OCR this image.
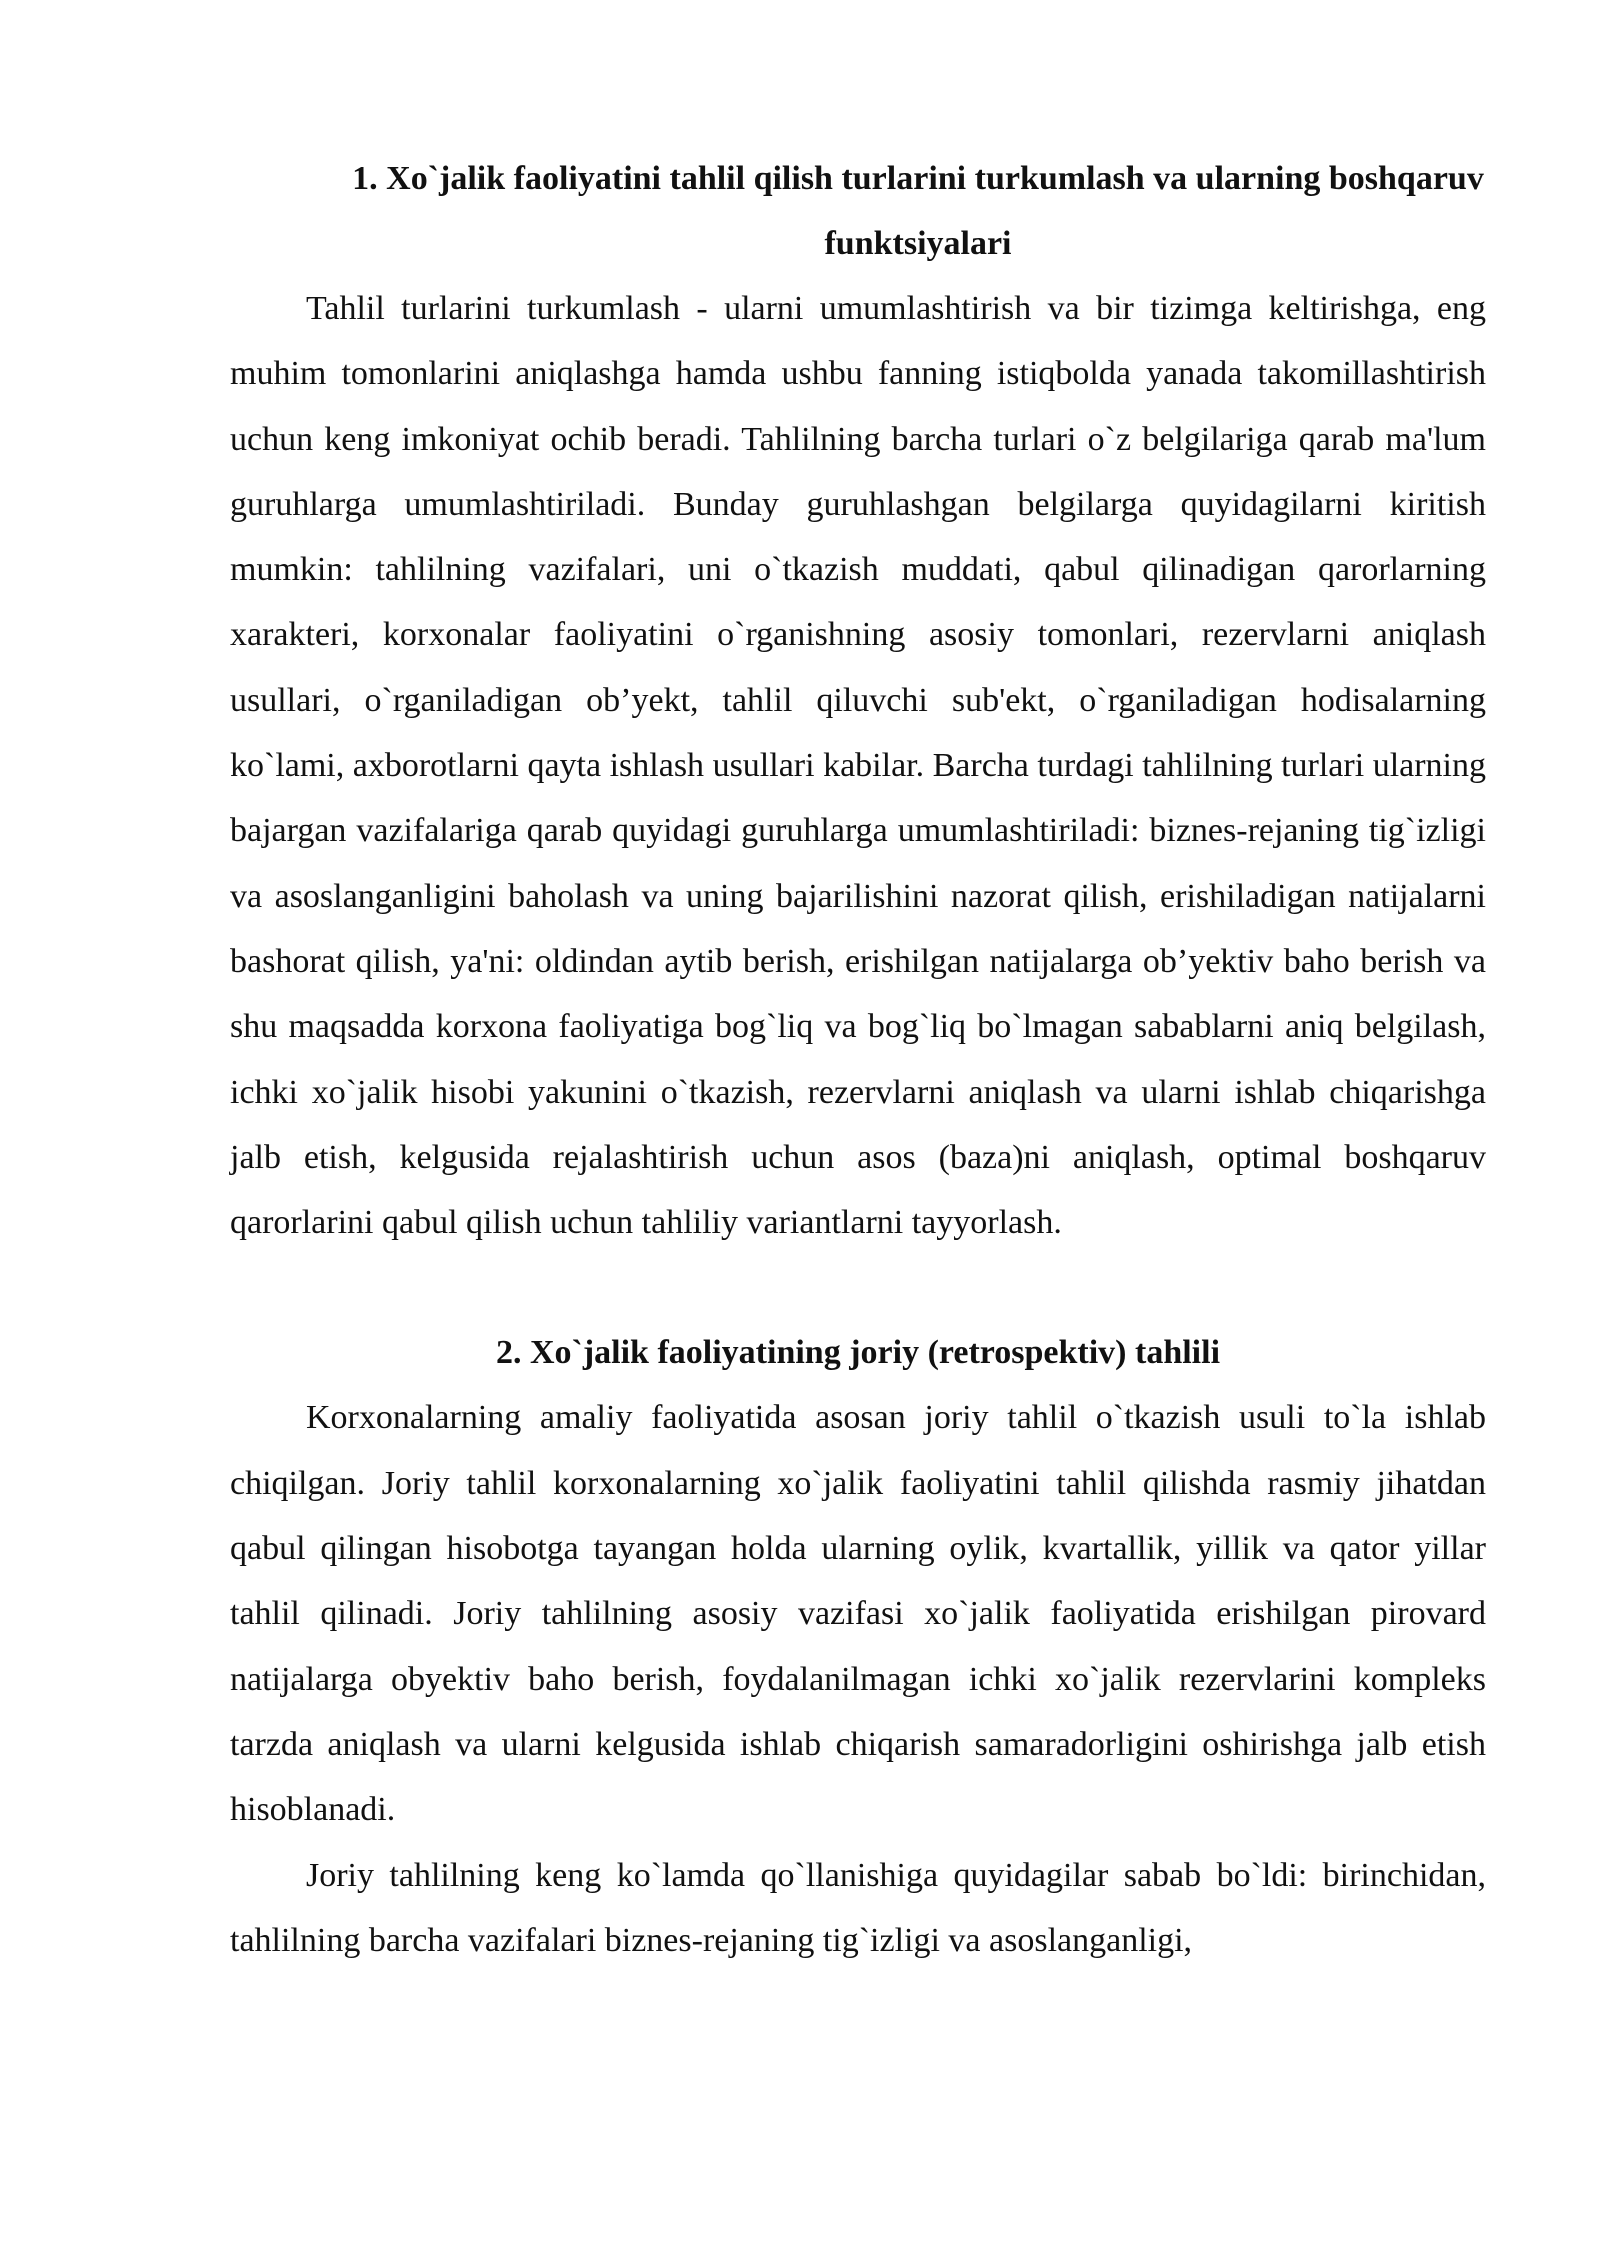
1. Xo`jalik faoliyatini tahlil qilish turlarini turkumlash va ularning boshqaruv funktsiyalari

Tahlil turlarini turkumlash - ularni umumlashtirish va bir tizimga keltirishga, eng muhim tomonlarini aniqlashga hamda ushbu fanning istiqbolda yanada takomillashtirish uchun keng imkoniyat ochib beradi. Tahlilning barcha turlari o`z belgilariga qarab ma'lum guruhlarga umumlashtiriladi. Bunday guruhlashgan belgilarga quyidagilarni kiritish mumkin: tahlilning vazifalari, uni o`tkazish muddati, qabul qilinadigan qarorlarning xarakteri, korxonalar faoliyatini o`rganishning asosiy tomonlari, rezervlarni aniqlash usullari, o`rganiladigan ob’yekt, tahlil qiluvchi sub'ekt, o`rganiladigan hodisalarning ko`lami, axborotlarni qayta ishlash usullari kabilar. Barcha turdagi tahlilning turlari ularning bajargan vazifalariga qarab quyidagi guruhlarga umumlashtiriladi: biznes-rejaning tig`izligi va asoslanganligini baholash va uning bajarilishini nazorat qilish, erishiladigan natijalarni bashorat qilish, ya'ni: oldindan aytib berish, erishilgan natijalarga ob’yektiv baho berish va shu maqsadda korxona faoliyatiga bog`liq va bog`liq bo`lmagan sabablarni aniq belgilash, ichki xo`jalik hisobi yakunini o`tkazish, rezervlarni aniqlash va ularni ishlab chiqarishga jalb etish, kelgusida rejalashtirish uchun asos (baza)ni aniqlash, optimal boshqaruv qarorlarini qabul qilish uchun tahliliy variantlarni tayyorlash.

2. Xo`jalik faoliyatining joriy (retrospektiv) tahlili

Korxonalarning amaliy faoliyatida asosan joriy tahlil o`tkazish usuli to`la ishlab chiqilgan. Joriy tahlil korxonalarning xo`jalik faoliyatini tahlil qilishda rasmiy jihatdan qabul qilingan hisobotga tayangan holda ularning oylik, kvartallik, yillik va qator yillar tahlil qilinadi. Joriy tahlilning asosiy vazifasi xo`jalik faoliyatida erishilgan pirovard natijalarga obyektiv baho berish, foydalanilmagan ichki xo`jalik rezervlarini kompleks tarzda aniqlash va ularni kelgusida ishlab chiqarish samaradorligini oshirishga jalb etish hisoblanadi.

Joriy tahlilning keng ko`lamda qo`llanishiga quyidagilar sabab bo`ldi: birinchidan, tahlilning barcha vazifalari biznes-rejaning tig`izligi va asoslanganligi,
